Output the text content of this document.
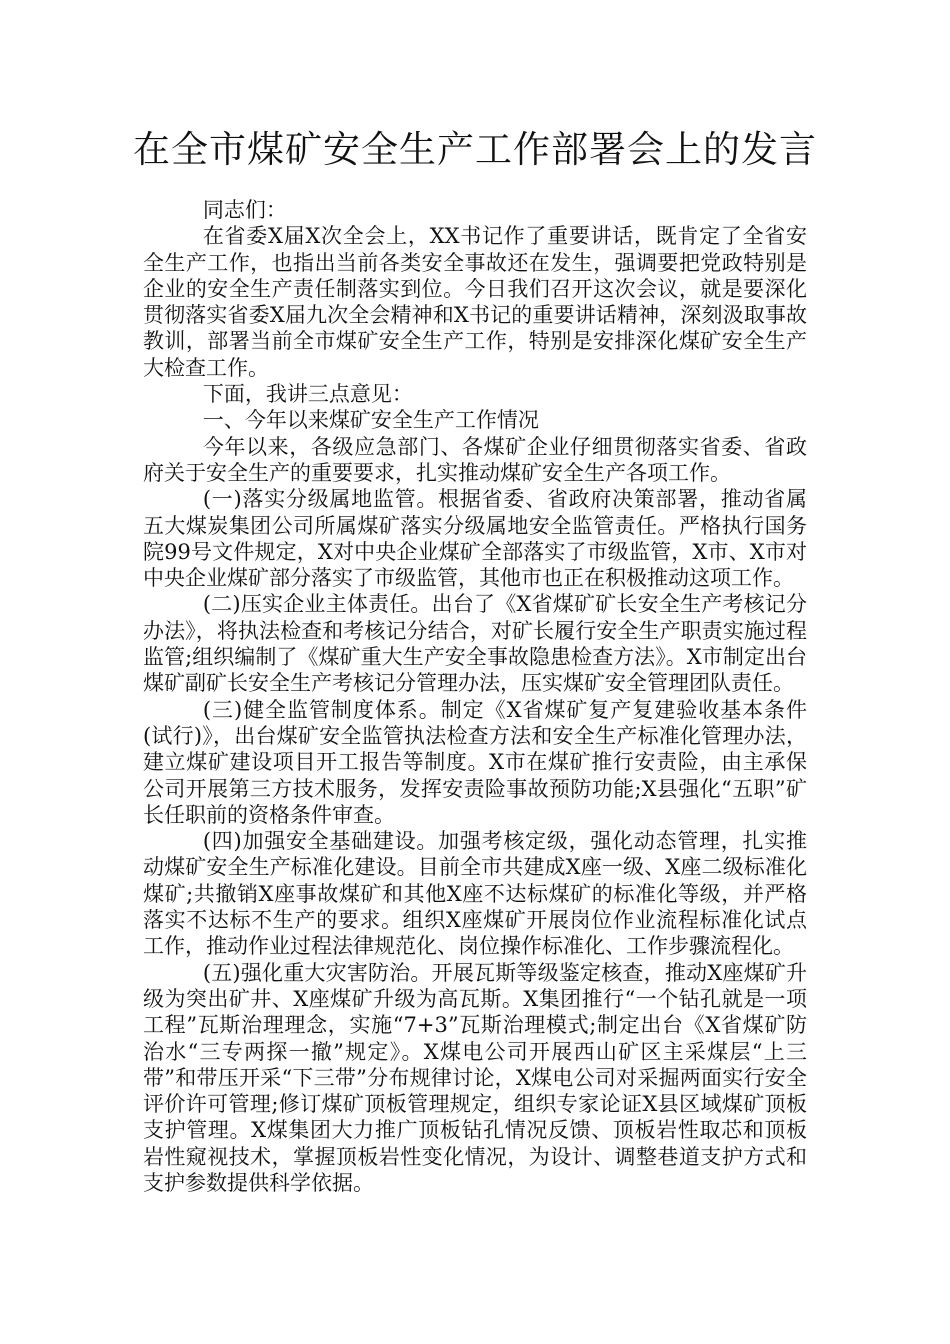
在全市煤矿安全生产工作部署会上的发言

同志们：

在省委X届X次全会上，XX书记作了重要讲话，既肯定了全省安全生产工作，也指出当前各类安全事故还在发生，强调要把党政特别是企业的安全生产责任制落实到位。今日我们召开这次会议，就是要深化贯彻落实省委X届九次全会精神和X书记的重要讲话精神，深刻汲取事故教训，部署当前全市煤矿安全生产工作，特别是安排深化煤矿安全生产大检查工作。

下面，我讲三点意见：

一、今年以来煤矿安全生产工作情况

今年以来，各级应急部门、各煤矿企业仔细贯彻落实省委、省政府关于安全生产的重要要求，扎实推动煤矿安全生产各项工作。

(一)落实分级属地监管。根据省委、省政府决策部署，推动省属五大煤炭集团公司所属煤矿落实分级属地安全监管责任。严格执行国务院99号文件规定，X对中央企业煤矿全部落实了市级监管，X市、X市对中央企业煤矿部分落实了市级监管，其他市也正在积极推动这项工作。

(二)压实企业主体责任。出台了《X省煤矿矿长安全生产考核记分办法》，将执法检查和考核记分结合，对矿长履行安全生产职责实施过程监管;组织编制了《煤矿重大生产安全事故隐患检查方法》。X市制定出台煤矿副矿长安全生产考核记分管理办法，压实煤矿安全管理团队责任。

(三)健全监管制度体系。制定《X省煤矿复产复建验收基本条件(试行)》，出台煤矿安全监管执法检查方法和安全生产标准化管理办法，建立煤矿建设项目开工报告等制度。X市在煤矿推行安责险，由主承保公司开展第三方技术服务，发挥安责险事故预防功能;X县强化“五职”矿长任职前的资格条件审查。

(四)加强安全基础建设。加强考核定级，强化动态管理，扎实推动煤矿安全生产标准化建设。目前全市共建成X座一级、X座二级标准化煤矿;共撤销X座事故煤矿和其他X座不达标煤矿的标准化等级，并严格落实不达标不生产的要求。组织X座煤矿开展岗位作业流程标准化试点工作，推动作业过程法律规范化、岗位操作标准化、工作步骤流程化。

(五)强化重大灾害防治。开展瓦斯等级鉴定核查，推动X座煤矿升级为突出矿井、X座煤矿升级为高瓦斯。X集团推行“一个钻孔就是一项工程”瓦斯治理理念，实施“7+3”瓦斯治理模式;制定出台《X省煤矿防治水“三专两探一撤”规定》。X煤电公司开展西山矿区主采煤层“上三带”和带压开采“下三带”分布规律讨论，X煤电公司对采掘两面实行安全评价许可管理;修订煤矿顶板管理规定，组织专家论证X县区域煤矿顶板支护管理。X煤集团大力推广顶板钻孔情况反馈、顶板岩性取芯和顶板岩性窥视技术，掌握顶板岩性变化情况，为设计、调整巷道支护方式和支护参数提供科学依据。
